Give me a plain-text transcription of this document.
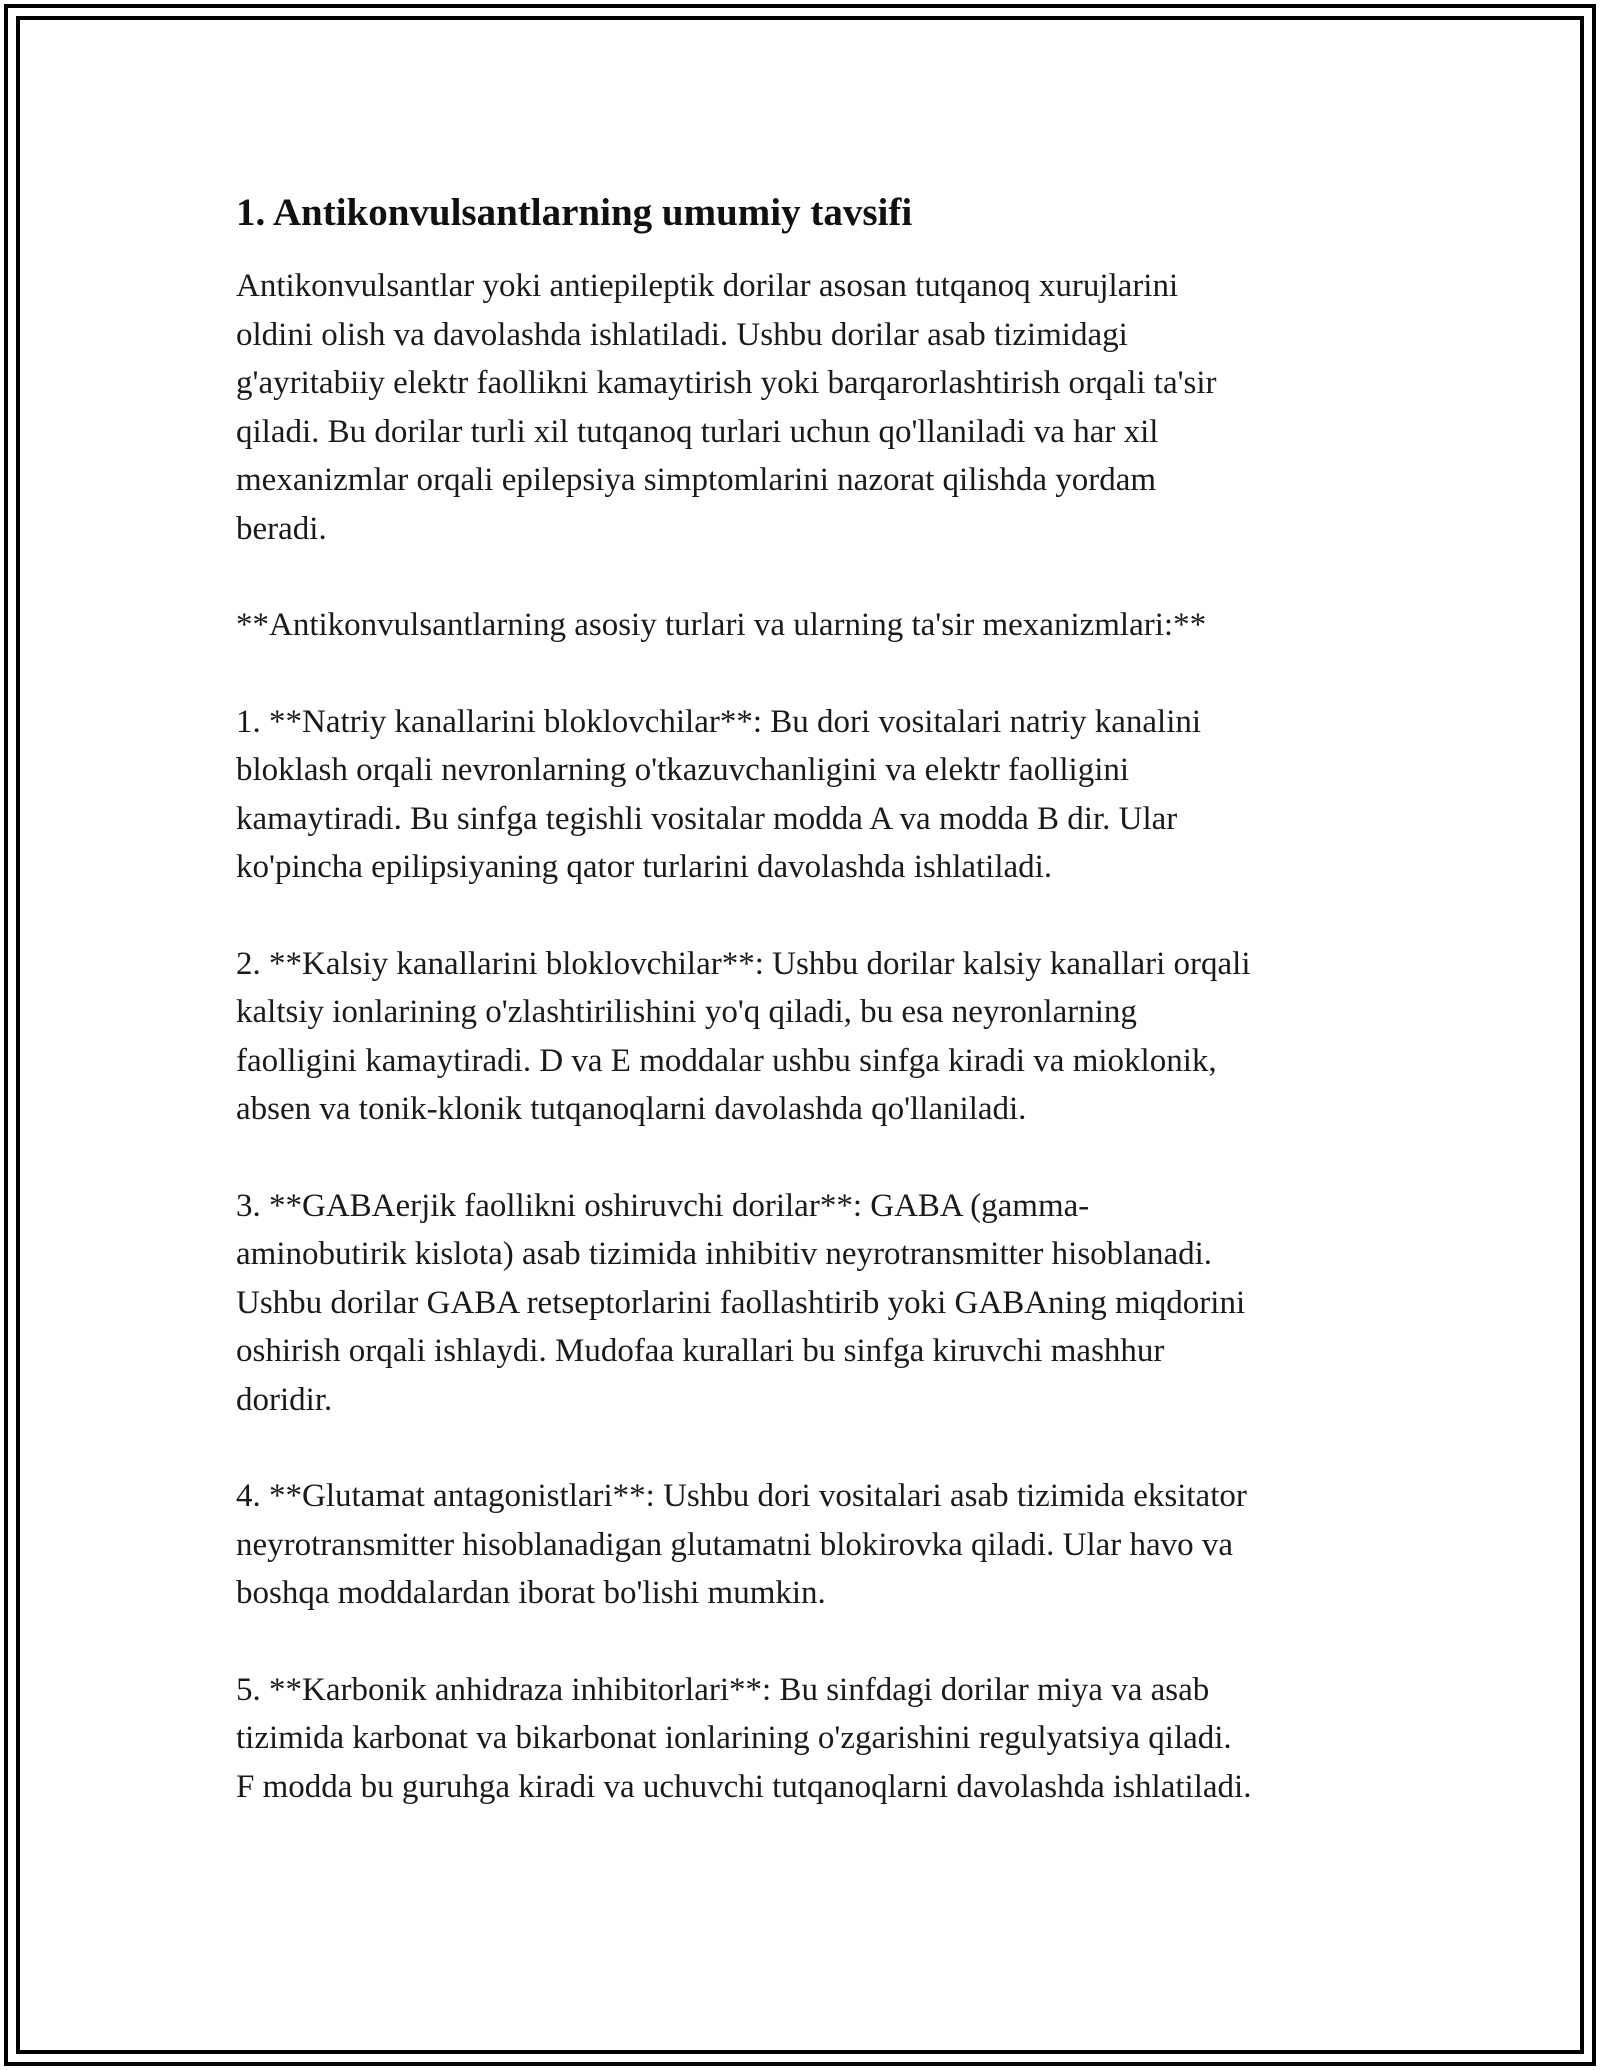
1. Antikonvulsantlarning umumiy tavsifi

Antikonvulsantlar yoki antiepileptik dorilar asosan tutqanoq xurujlarini
oldini olish va davolashda ishlatiladi. Ushbu dorilar asab tizimidagi
g'ayritabiiy elektr faollikni kamaytirish yoki barqarorlashtirish orqali ta'sir
qiladi. Bu dorilar turli xil tutqanoq turlari uchun qo'llaniladi va har xil
mexanizmlar orqali epilepsiya simptomlarini nazorat qilishda yordam
beradi.

**Antikonvulsantlarning asosiy turlari va ularning ta'sir mexanizmlari:**

1. **Natriy kanallarini bloklovchilar**: Bu dori vositalari natriy kanalini
bloklash orqali nevronlarning o'tkazuvchanligini va elektr faolligini
kamaytiradi. Bu sinfga tegishli vositalar modda A va modda B dir. Ular
ko'pincha epilipsiyaning qator turlarini davolashda ishlatiladi.

2. **Kalsiy kanallarini bloklovchilar**: Ushbu dorilar kalsiy kanallari orqali
kaltsiy ionlarining o'zlashtirilishini yo'q qiladi, bu esa neyronlarning
faolligini kamaytiradi. D va E moddalar ushbu sinfga kiradi va mioklonik,
absen va tonik-klonik tutqanoqlarni davolashda qo'llaniladi.

3. **GABAerjik faollikni oshiruvchi dorilar**: GABA (gamma-
aminobutirik kislota) asab tizimida inhibitiv neyrotransmitter hisoblanadi.
Ushbu dorilar GABA retseptorlarini faollashtirib yoki GABAning miqdorini
oshirish orqali ishlaydi. Mudofaa kurallari bu sinfga kiruvchi mashhur
doridir.

4. **Glutamat antagonistlari**: Ushbu dori vositalari asab tizimida eksitator
neyrotransmitter hisoblanadigan glutamatni blokirovka qiladi. Ular havo va
boshqa moddalardan iborat bo'lishi mumkin.

5. **Karbonik anhidraza inhibitorlari**: Bu sinfdagi dorilar miya va asab
tizimida karbonat va bikarbonat ionlarining o'zgarishini regulyatsiya qiladi.
F modda bu guruhga kiradi va uchuvchi tutqanoqlarni davolashda ishlatiladi.
